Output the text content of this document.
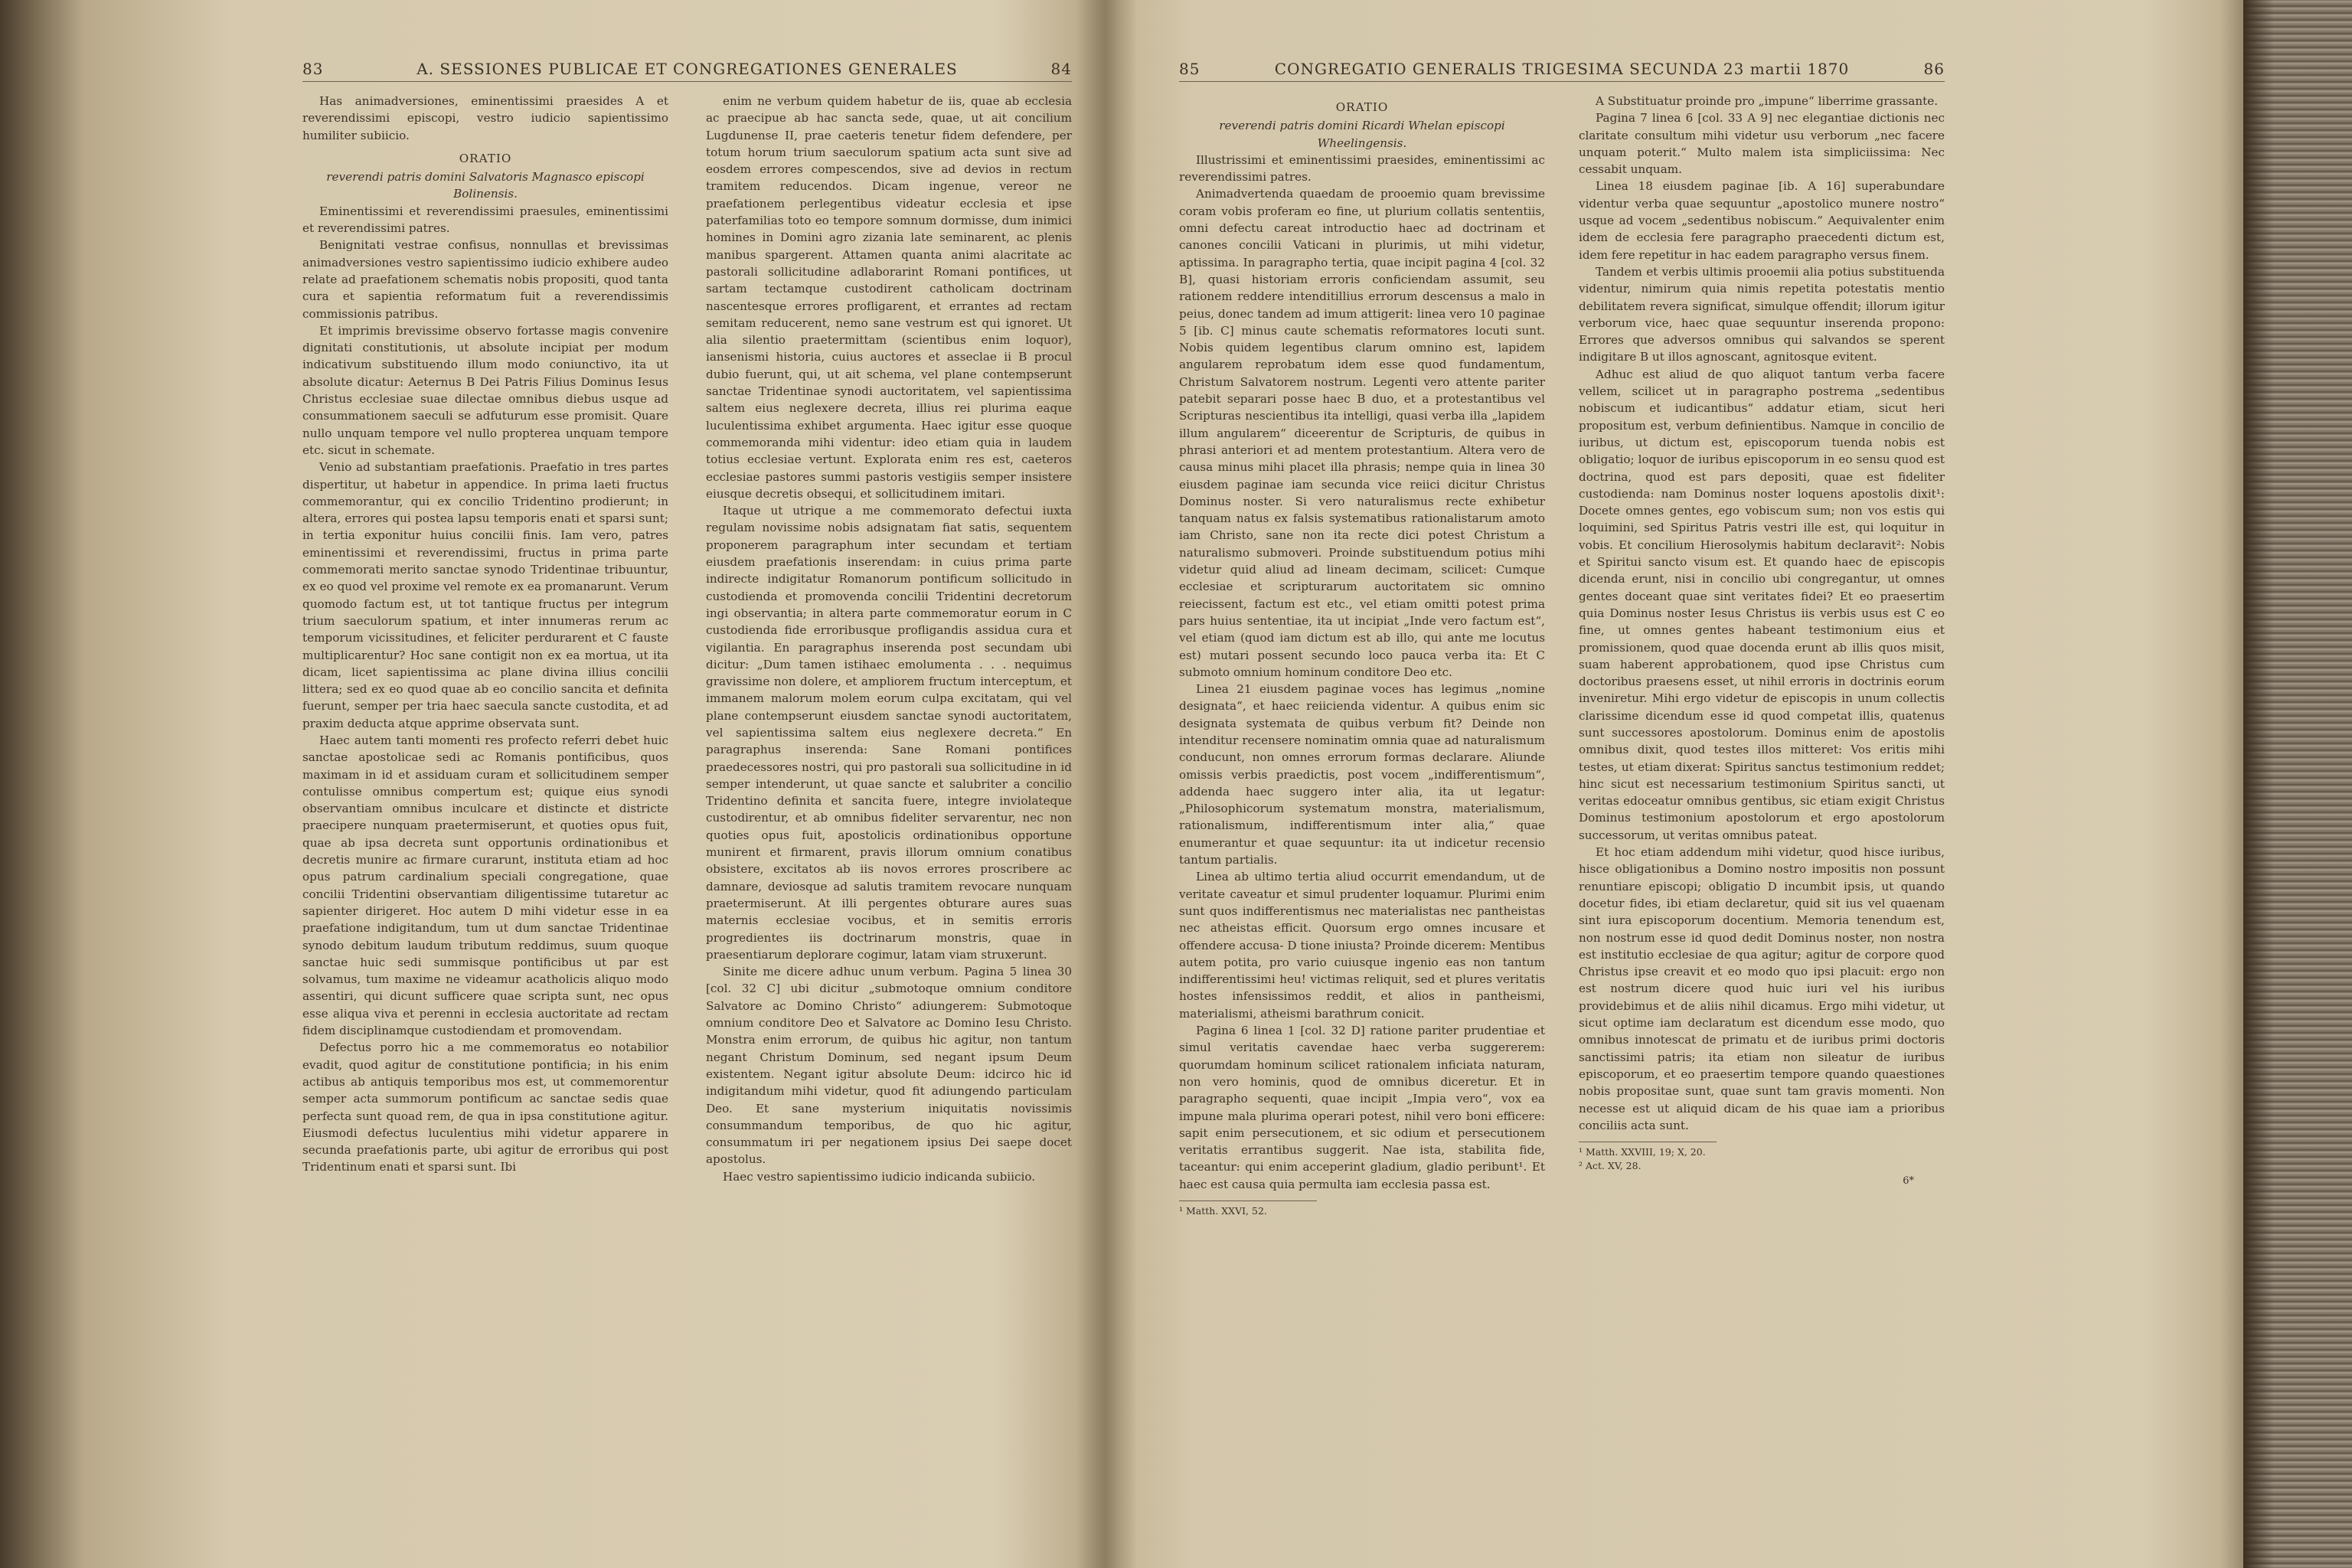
83	A. SESSIONES PUBLICAE ET CONGREGATIONES GENERALES	84

Has animadversiones, eminentissimi praesides A et reverendissimi episcopi, vestro iudicio sapientissimo humiliter subiicio.

ORATIO

reverendi patris domini Salvatoris Magnasco episcopi Bolinensis.

Eminentissimi et reverendissimi praesules, eminentissimi et reverendissimi patres.

Benignitati vestrae confisus, nonnullas et brevissimas animadversiones vestro sapientissimo iudicio exhibere audeo relate ad praefationem schematis nobis propositi, quod tanta cura et sapientia reformatum fuit a reverendissimis commissionis patribus.

Et imprimis brevissime observo fortasse magis convenire dignitati constitutionis, ut absolute incipiat per modum indicativum substituendo illum modo coniunctivo, ita ut absolute dicatur: Aeternus B Dei Patris Filius Dominus Iesus Christus ecclesiae suae dilectae omnibus diebus usque ad consummationem saeculi se adfuturum esse promisit. Quare nullo unquam tempore vel nullo propterea unquam tempore etc. sicut in schemate.

Venio ad substantiam praefationis. Praefatio in tres partes dispertitur, ut habetur in appendice. In prima laeti fructus commemorantur, qui ex concilio Tridentino prodierunt; in altera, errores qui postea lapsu temporis enati et sparsi sunt; in tertia exponitur huius concilii finis. Iam vero, patres eminentissimi et reverendissimi, fructus in prima parte commemorati merito sanctae synodo Tridentinae tribuuntur, ex eo quod vel proxime vel remote ex ea promanarunt. Verum quomodo factum est, ut tot tantique fructus per integrum trium saeculorum spatium, et inter innumeras rerum ac temporum vicissitudines, et feliciter perdurarent et C fauste multiplicarentur? Hoc sane contigit non ex ea mortua, ut ita dicam, licet sapientissima ac plane divina illius concilii littera; sed ex eo quod quae ab eo concilio sancita et definita fuerunt, semper per tria haec saecula sancte custodita, et ad praxim deducta atque apprime observata sunt.

Haec autem tanti momenti res profecto referri debet huic sanctae apostolicae sedi ac Romanis pontificibus, quos maximam in id et assiduam curam et sollicitudinem semper contulisse omnibus compertum est; quique eius synodi observantiam omnibus inculcare et distincte et districte praecipere nunquam praetermiserunt, et quoties opus fuit, quae ab ipsa decreta sunt opportunis ordinationibus et decretis munire ac firmare curarunt, instituta etiam ad hoc opus patrum cardinalium speciali congregatione, quae concilii Tridentini observantiam diligentissime tutaretur ac sapienter dirigeret. Hoc autem D mihi videtur esse in ea praefatione indigitandum, tum ut dum sanctae Tridentinae synodo debitum laudum tributum reddimus, suum quoque sanctae huic sedi summisque pontificibus ut par est solvamus, tum maxime ne videamur acatholicis aliquo modo assentiri, qui dicunt sufficere quae scripta sunt, nec opus esse aliqua viva et perenni in ecclesia auctoritate ad rectam fidem disciplinamque custodiendam et promovendam.

Defectus porro hic a me commemoratus eo notabilior evadit, quod agitur de constitutione pontificia; in his enim actibus ab antiquis temporibus mos est, ut commemorentur semper acta summorum pontificum ac sanctae sedis quae perfecta sunt quoad rem, de qua in ipsa constitutione agitur. Eiusmodi defectus luculentius mihi videtur apparere in secunda praefationis parte, ubi agitur de erroribus qui post Tridentinum enati et sparsi sunt. Ibi

enim ne verbum quidem habetur de iis, quae ab ecclesia ac praecipue ab hac sancta sede, quae, ut ait concilium Lugdunense II, prae caeteris tenetur fidem defendere, per totum horum trium saeculorum spatium acta sunt sive ad eosdem errores compescendos, sive ad devios in rectum tramitem reducendos. Dicam ingenue, vereor ne praefationem perlegentibus videatur ecclesia et ipse paterfamilias toto eo tempore somnum dormisse, dum inimici homines in Domini agro zizania late seminarent, ac plenis manibus spargerent. Attamen quanta animi alacritate ac pastorali sollicitudine adlaborarint Romani pontifices, ut sartam tectamque custodirent catholicam doctrinam nascentesque errores profligarent, et errantes ad rectam semitam reducerent, nemo sane vestrum est qui ignoret. Ut alia silentio praetermittam (scientibus enim loquor), iansenismi historia, cuius auctores et asseclae ii B procul dubio fuerunt, qui, ut ait schema, vel plane contempserunt sanctae Tridentinae synodi auctoritatem, vel sapientissima saltem eius neglexere decreta, illius rei plurima eaque luculentissima exhibet argumenta. Haec igitur esse quoque commemoranda mihi videntur: ideo etiam quia in laudem totius ecclesiae vertunt. Explorata enim res est, caeteros ecclesiae pastores summi pastoris vestigiis semper insistere eiusque decretis obsequi, et sollicitudinem imitari.

Itaque ut utrique a me commemorato defectui iuxta regulam novissime nobis adsignatam fiat satis, sequentem proponerem paragraphum inter secundam et tertiam eiusdem praefationis inserendam: in cuius prima parte indirecte indigitatur Romanorum pontificum sollicitudo in custodienda et promovenda concilii Tridentini decretorum ingi observantia; in altera parte commemoratur eorum in C custodienda fide erroribusque profligandis assidua cura et vigilantia. En paragraphus inserenda post secundam ubi dicitur: „Dum tamen istihaec emolumenta . . . nequimus gravissime non dolere, et ampliorem fructum interceptum, et immanem malorum molem eorum culpa excitatam, qui vel plane contempserunt eiusdem sanctae synodi auctoritatem, vel sapientissima saltem eius neglexere decreta.“ En paragraphus inserenda: Sane Romani pontifices praedecessores nostri, qui pro pastorali sua sollicitudine in id semper intenderunt, ut quae sancte et salubriter a concilio Tridentino definita et sancita fuere, integre inviolateque custodirentur, et ab omnibus fideliter servarentur, nec non quoties opus fuit, apostolicis ordinationibus opportune munirent et firmarent, pravis illorum omnium conatibus obsistere, excitatos ab iis novos errores proscribere ac damnare, deviosque ad salutis tramitem revocare nunquam praetermiserunt. At illi pergentes obturare aures suas maternis ecclesiae vocibus, et in semitis erroris progredientes iis doctrinarum monstris, quae in praesentiarum deplorare cogimur, latam viam struxerunt.

Sinite me dicere adhuc unum verbum. Pagina 5 linea 30 [col. 32 C] ubi dicitur „submotoque omnium conditore Salvatore ac Domino Christo“ adiungerem: Submotoque omnium conditore Deo et Salvatore ac Domino Iesu Christo. Monstra enim errorum, de quibus hic agitur, non tantum negant Christum Dominum, sed negant ipsum Deum existentem. Negant igitur absolute Deum: idcirco hic id indigitandum mihi videtur, quod fit adiungendo particulam Deo. Et sane mysterium iniquitatis novissimis consummandum temporibus, de quo hic agitur, consummatum iri per negationem ipsius Dei saepe docet apostolus.

Haec vestro sapientissimo iudicio indicanda subiicio.

85	CONGREGATIO GENERALIS TRIGESIMA SECUNDA 23 martii 1870	86

ORATIO

reverendi patris domini Ricardi Whelan episcopi Wheelingensis.

Illustrissimi et eminentissimi praesides, eminentissimi ac reverendissimi patres.

Animadvertenda quaedam de prooemio quam brevissime coram vobis proferam eo fine, ut plurium collatis sententiis, omni defectu careat introductio haec ad doctrinam et canones concilii Vaticani in plurimis, ut mihi videtur, aptissima. In paragrapho tertia, quae incipit pagina 4 [col. 32 B], quasi historiam erroris conficiendam assumit, seu rationem reddere intenditillius errorum descensus a malo in peius, donec tandem ad imum attigerit: linea vero 10 paginae 5 [ib. C] minus caute schematis reformatores locuti sunt. Nobis quidem legentibus clarum omnino est, lapidem angularem reprobatum idem esse quod fundamentum, Christum Salvatorem nostrum. Legenti vero attente pariter patebit separari posse haec B duo, et a protestantibus vel Scripturas nescientibus ita intelligi, quasi verba illa „lapidem illum angularem“ diceerentur de Scripturis, de quibus in phrasi anteriori et ad mentem protestantium. Altera vero de causa minus mihi placet illa phrasis; nempe quia in linea 30 eiusdem paginae iam secunda vice reiici dicitur Christus Dominus noster. Si vero naturalismus recte exhibetur tanquam natus ex falsis systematibus rationalistarum amoto iam Christo, sane non ita recte dici potest Christum a naturalismo submoveri. Proinde substituendum potius mihi videtur quid aliud ad lineam decimam, scilicet: Cumque ecclesiae et scripturarum auctoritatem sic omnino reiecissent, factum est etc., vel etiam omitti potest prima pars huius sententiae, ita ut incipiat „Inde vero factum est“, vel etiam (quod iam dictum est ab illo, qui ante me locutus est) mutari possent secundo loco pauca verba ita: Et C submoto omnium hominum conditore Deo etc.

Linea 21 eiusdem paginae voces has legimus „nomine designata“, et haec reiicienda videntur. A quibus enim sic designata systemata de quibus verbum fit? Deinde non intenditur recensere nominatim omnia quae ad naturalismum conducunt, non omnes errorum formas declarare. Aliunde omissis verbis praedictis, post vocem „indifferentismum“, addenda haec suggero inter alia, ita ut legatur: „Philosophicorum systematum monstra, materialismum, rationalismum, indifferentismum inter alia,“ quae enumerantur et quae sequuntur: ita ut indicetur recensio tantum partialis.

Linea ab ultimo tertia aliud occurrit emendandum, ut de veritate caveatur et simul prudenter loquamur. Plurimi enim sunt quos indifferentismus nec materialistas nec pantheistas nec atheistas efficit. Quorsum ergo omnes incusare et offendere accusa- D tione iniusta? Proinde dicerem: Mentibus autem potita, pro vario cuiusque ingenio eas non tantum indifferentissimi heu! victimas reliquit, sed et plures veritatis hostes infensissimos reddit, et alios in pantheismi, materialismi, atheismi barathrum conicit.

Pagina 6 linea 1 [col. 32 D] ratione pariter prudentiae et simul veritatis cavendae haec verba suggererem: quorumdam hominum scilicet rationalem inficiata naturam, non vero hominis, quod de omnibus diceretur. Et in paragrapho sequenti, quae incipit „Impia vero“, vox ea impune mala plurima operari potest, nihil vero boni efficere: sapit enim persecutionem, et sic odium et persecutionem veritatis errantibus suggerit. Nae ista, stabilita fide, taceantur: qui enim acceperint gladium, gladio peribunt¹. Et haec est causa quia permulta iam ecclesia passa est.

¹ Matth. XXVI, 52.

A Substituatur proinde pro „impune“ liberrime grassante.

Pagina 7 linea 6 [col. 33 A 9] nec elegantiae dictionis nec claritate consultum mihi videtur usu verborum „nec facere unquam poterit.“ Multo malem ista simpliciissima: Nec cessabit unquam.

Linea 18 eiusdem paginae [ib. A 16] superabundare videntur verba quae sequuntur „apostolico munere nostro“ usque ad vocem „sedentibus nobiscum.“ Aequivalenter enim idem de ecclesia fere paragrapho praecedenti dictum est, idem fere repetitur in hac eadem paragrapho versus finem.

Tandem et verbis ultimis prooemii alia potius substituenda videntur, nimirum quia nimis repetita potestatis mentio debilitatem revera significat, simulque offendit; illorum igitur verborum vice, haec quae sequuntur inserenda propono: Errores que adversos omnibus qui salvandos se sperent indigitare B ut illos agnoscant, agnitosque evitent.

Adhuc est aliud de quo aliquot tantum verba facere vellem, scilicet ut in paragrapho postrema „sedentibus nobiscum et iudicantibus“ addatur etiam, sicut heri propositum est, verbum definientibus. Namque in concilio de iuribus, ut dictum est, episcoporum tuenda nobis est obligatio; loquor de iuribus episcoporum in eo sensu quod est doctrina, quod est pars depositi, quae est fideliter custodienda: nam Dominus noster loquens apostolis dixit¹: Docete omnes gentes, ego vobiscum sum; non vos estis qui loquimini, sed Spiritus Patris vestri ille est, qui loquitur in vobis. Et concilium Hierosolymis habitum declaravit²: Nobis et Spiritui sancto visum est. Et quando haec de episcopis dicenda erunt, nisi in concilio ubi congregantur, ut omnes gentes doceant quae sint veritates fidei? Et eo praesertim quia Dominus noster Iesus Christus iis verbis usus est C eo fine, ut omnes gentes habeant testimonium eius et promissionem, quod quae docenda erunt ab illis quos misit, suam haberent approbationem, quod ipse Christus cum doctoribus praesens esset, ut nihil erroris in doctrinis eorum inveniretur. Mihi ergo videtur de episcopis in unum collectis clarissime dicendum esse id quod competat illis, quatenus sunt successores apostolorum. Dominus enim de apostolis omnibus dixit, quod testes illos mitteret: Vos eritis mihi testes, ut etiam dixerat: Spiritus sanctus testimonium reddet; hinc sicut est necessarium testimonium Spiritus sancti, ut veritas edoceatur omnibus gentibus, sic etiam exigit Christus Dominus testimonium apostolorum et ergo apostolorum successorum, ut veritas omnibus pateat.

Et hoc etiam addendum mihi videtur, quod hisce iuribus, hisce obligationibus a Domino nostro impositis non possunt renuntiare episcopi; obligatio D incumbit ipsis, ut quando docetur fides, ibi etiam declaretur, quid sit ius vel quaenam sint iura episcoporum docentium. Memoria tenendum est, non nostrum esse id quod dedit Dominus noster, non nostra est institutio ecclesiae de qua agitur; agitur de corpore quod Christus ipse creavit et eo modo quo ipsi placuit: ergo non est nostrum dicere quod huic iuri vel his iuribus providebimus et de aliis nihil dicamus. Ergo mihi videtur, ut sicut optime iam declaratum est dicendum esse modo, quo omnibus innotescat de primatu et de iuribus primi doctoris sanctissimi patris; ita etiam non sileatur de iuribus episcoporum, et eo praesertim tempore quando quaestiones nobis propositae sunt, quae sunt tam gravis momenti. Non necesse est ut aliquid dicam de his quae iam a prioribus conciliis acta sunt.

¹ Matth. XXVIII, 19; X, 20.
² Act. XV, 28.
6*
